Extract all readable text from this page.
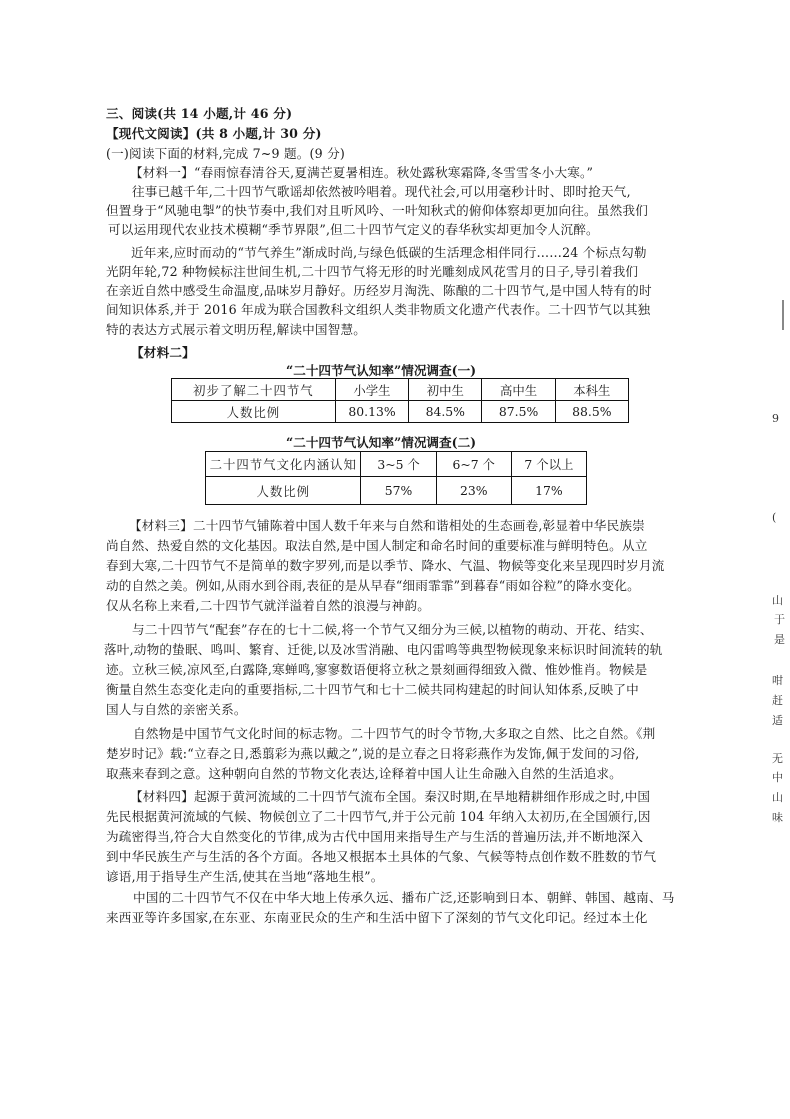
三、阅读(共 14 小题,计 46 分)
【现代文阅读】(共 8 小题,计 30 分)
(一)阅读下面的材料,完成 7~9 题。(9 分)
【材料一】“春雨惊春清谷天,夏满芒夏暑相连。秋处露秋寒霜降,冬雪雪冬小大寒。”
往事已越千年,二十四节气歌谣却依然被吟唱着。现代社会,可以用毫秒计时、即时抢天气,
但置身于“风驰电掣”的快节奏中,我们对且听风吟、一叶知秋式的俯仰体察却更加向往。虽然我们
可以运用现代农业技术模糊“季节界限”,但二十四节气定义的春华秋实却更加令人沉醉。
近年来,应时而动的“节气养生”渐成时尚,与绿色低碳的生活理念相伴同行……24 个标点勾勒
光阴年轮,72 种物候标注世间生机,二十四节气将无形的时光雕刻成风花雪月的日子,导引着我们
在亲近自然中感受生命温度,品味岁月静好。历经岁月淘洗、陈酿的二十四节气,是中国人特有的时
间知识体系,并于 2016 年成为联合国教科文组织人类非物质文化遗产代表作。二十四节气以其独
特的表达方式展示着文明历程,解读中国智慧。
【材料二】
“二十四节气认知率”情况调查(一)
初步了解二十四节气	小学生	初中生	高中生	本科生
人数比例	80.13%	84.5%	87.5%	88.5%
“二十四节气认知率”情况调查(二)
二十四节气文化内涵认知	3~5 个	6~7 个	7 个以上
人数比例	57%	23%	17%
【材料三】二十四节气铺陈着中国人数千年来与自然和谐相处的生态画卷,彰显着中华民族崇
尚自然、热爱自然的文化基因。取法自然,是中国人制定和命名时间的重要标准与鲜明特色。从立
春到大寒,二十四节气不是简单的数字罗列,而是以季节、降水、气温、物候等变化来呈现四时岁月流
动的自然之美。例如,从雨水到谷雨,表征的是从早春“细雨霏霏”到暮春“雨如谷粒”的降水变化。
仅从名称上来看,二十四节气就洋溢着自然的浪漫与神韵。
与二十四节气“配套”存在的七十二候,将一个节气又细分为三候,以植物的萌动、开花、结实、
落叶,动物的蛰眠、鸣叫、繁育、迁徙,以及冰雪消融、电闪雷鸣等典型物候现象来标识时间流转的轨
迹。立秋三候,凉风至,白露降,寒蝉鸣,寥寥数语便将立秋之景刻画得细致入微、惟妙惟肖。物候是
衡量自然生态变化走向的重要指标,二十四节气和七十二候共同构建起的时间认知体系,反映了中
国人与自然的亲密关系。
自然物是中国节气文化时间的标志物。二十四节气的时令节物,大多取之自然、比之自然。《荆
楚岁时记》载:“立春之日,悉翦彩为燕以戴之”,说的是立春之日将彩燕作为发饰,佩于发间的习俗,
取燕来春到之意。这种朝向自然的节物文化表达,诠释着中国人让生命融入自然的生活追求。
【材料四】起源于黄河流域的二十四节气流布全国。秦汉时期,在旱地精耕细作形成之时,中国
先民根据黄河流域的气候、物候创立了二十四节气,并于公元前 104 年纳入太初历,在全国颁行,因
为疏密得当,符合大自然变化的节律,成为古代中国用来指导生产与生活的普遍历法,并不断地深入
到中华民族生产与生活的各个方面。各地又根据本土具体的气象、气候等特点创作数不胜数的节气
谚语,用于指导生产生活,使其在当地“落地生根”。
中国的二十四节气不仅在中华大地上传承久远、播布广泛,还影响到日本、朝鲜、韩国、越南、马
来西亚等许多国家,在东亚、东南亚民众的生产和生活中留下了深刻的节气文化印记。经过本土化
9
(
山
于
是
咁
赶
适
无
中
山
味
